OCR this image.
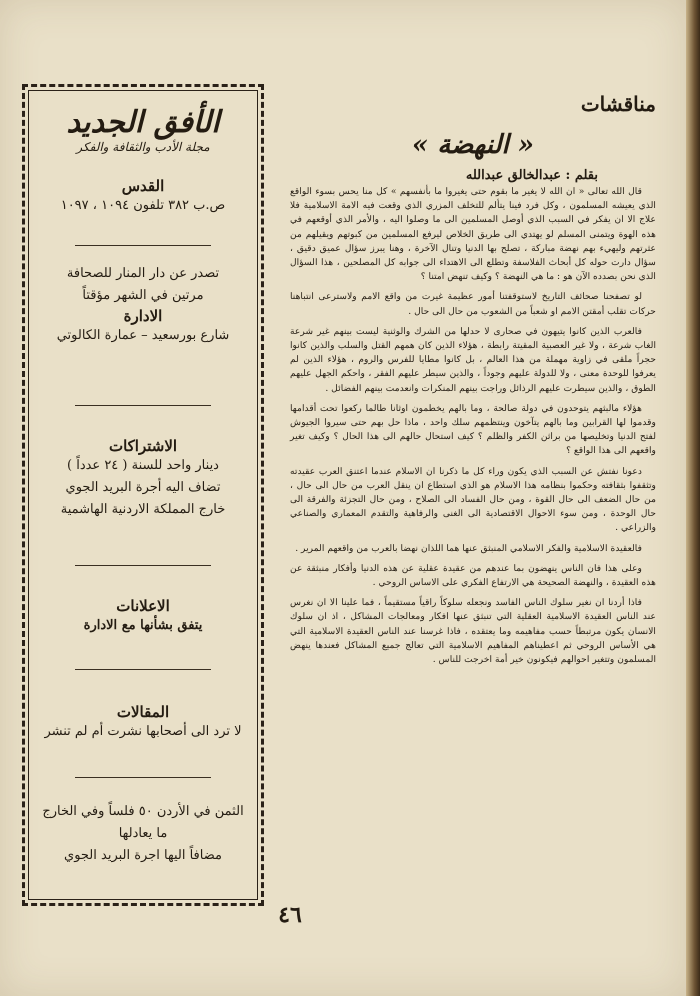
الأفق الجديد
مجلة الأدب والثقافة والفكر
القدس
ص.ب ٣٨٢ تلفون ١٠٩٤ ، ١٠٩٧
تصدر عن دار المنار للصحافة
مرتين في الشهر مؤقتاً
الادارة
شارع بورسعيد – عمارة الكالوتي
الاشتراكات
دينار واحد للسنة ( ٢٤ عدداً )
تضاف اليه أجرة البريد الجوي
خارج المملكة الاردنية الهاشمية
الاعلانات
يتفق بشأنها مع الادارة
المقالات
لا ترد الى أصحابها نشرت أم لم تنشر
الثمن في الأردن ٥٠ فلساً وفي الخارج
ما يعادلها
مضافاً اليها اجرة البريد الجوي
مناقشات
« النهضة »
بقلم : عبدالخالق عبدالله

قال الله تعالى « ان الله لا يغير ما بقوم حتى يغيروا ما بأنفسهم » كل منا يحس بسوء الواقع الذي يعيشه المسلمون ، وكل فرد فينا يتألم للتخلف المزري الذي وقعت فيه الامة الاسلامية فلا علاج الا ان يفكر في السبب الذي أوصل المسلمين الى ما وصلوا اليه ، والأمر الذي أوقعهم في هذه الهوة ويتمنى المسلم لو يهتدي الى طريق الخلاص ليرفع المسلمين من كبوتهم ويقيلهم من عثرتهم وليهيء بهم نهضة مباركة ، تصلح بها الدنيا وتنال الآخرة ، وهنا يبرز سؤال عميق دقيق ، سؤال دارت حوله كل أبحاث الفلاسفة وتطلع الى الاهتداء الى جوابه كل المصلحين ، هذا السؤال الذي نحن بصدده الآن هو : ما هي النهضة ؟ وكيف تنهض امتنا ؟

لو تصفحنا صحائف التاريخ لاستوقفتنا أمور عظيمة غيرت من واقع الامم ولاسترعى انتباهنا حركات تقلب أمقتن الامم او شعباً من الشعوب من حال الى حال .

فالعرب الذين كانوا يتيهون في صحارى لا حدلها من الشرك والوثنية ليست بينهم غير شرعة الغاب شرعة ، ولا غير العصبية المقيتة رابطة ، هؤلاء الذين كان همهم القتل والسلب والذين كانوا حجراً ملقى في زاوية مهملة من هذا العالم ، بل كانوا مطايا للفرس والروم ، هؤلاء الذين لم يعرفوا للوحدة معنى ، ولا للدولة عليهم وجوداً ، والذين سيطر عليهم الفقر ، واحكم الجهل عليهم الطوق ، والذين سيطرت عليهم الرذائل وراجت بينهم المنكرات وانعدمت بينهم الفضائل .

هؤلاء مالبثهم يتوحدون في دولة صالحة ، وما بالهم يخطمون اوثانا طالما ركعوا تحت أقدامها وقدموا لها القرابين وما بالهم يتآخون وينتظمهم سلك واحد ، ماذا حل بهم حتى سيروا الجيوش لفتح الدنيا وتخليصها من براثن الكفر والظلم ؟ كيف استحال حالهم الى هذا الحال ؟ وكيف تغير واقعهم الى هذا الواقع ؟

دعونا نفتش عن السبب الذي يكون وراء كل ما ذكرنا ان الاسلام عندما اعتنق العرب عقيدته وتثقفوا بثقافته وحكموا بنظامه هذا الاسلام هو الذي استطاع ان ينقل العرب من حال الى حال ، من حال الضعف الى حال القوة ، ومن حال الفساد الى الصلاح ، ومن حال التجزئة والفرقة الى حال الوحدة ، ومن سوء الاحوال الاقتصادية الى الغنى والرفاهية والتقدم المعماري والصناعي والزراعي .

فالعقيدة الاسلامية والفكر الاسلامي المنبثق عنها هما اللذان نهضا بالعرب من واقعهم المرير .

وعلى هذا فان الناس ينهضون بما عندهم من عقيدة عقلية عن هذه الدنيا وأفكار منبثقة عن هذه العقيدة ، والنهضة الصحيحة هي الارتفاع الفكري على الاساس الروحي .

فاذا أردنا ان نغير سلوك الناس الفاسد ونجعله سلوكاً راقياً مستقيماً ، فما علينا الا ان نغرس عند الناس العقيدة الاسلامية العقلية التي تنبثق عنها افكار ومعالجات المشاكل ، اذ ان سلوك الانسان يكون مرتبطاً حسب مفاهيمه وما يعتقده ، فاذا غرسنا عند الناس العقيدة الاسلامية التي هي الأساس الروحي ثم اعطيناهم المفاهيم الاسلامية التي تعالج جميع المشاكل فعندها ينهض المسلمون وتتغير احوالهم فيكونون خير أمة اخرجت للناس .

٤٦
